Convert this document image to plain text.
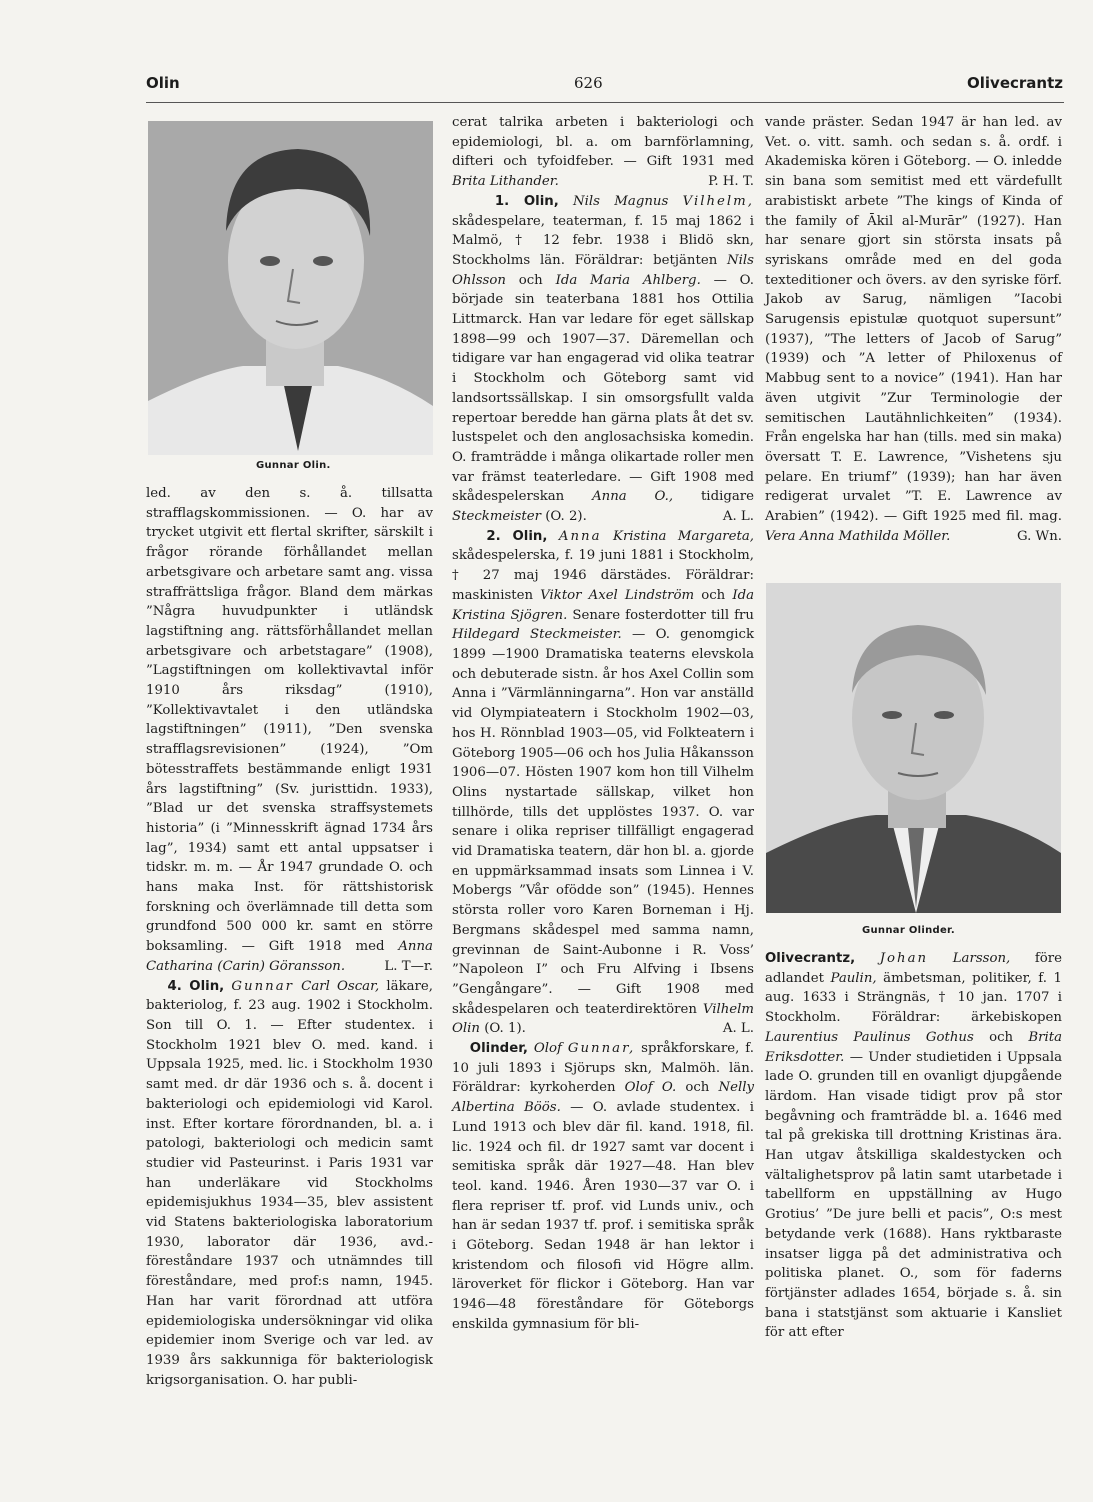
Olin	626	Olivecrantz
Gunnar Olin.
Gunnar Olinder.

led. av den s. å. tillsatta strafflagskommissionen. — O. har av trycket utgivit ett flertal skrifter, särskilt i frågor rörande förhållandet mellan arbetsgivare och arbetare samt ang. vissa straffrättsliga frågor. Bland dem märkas ”Några huvudpunkter i utländsk lagstiftning ang. rättsförhållandet mellan arbetsgivare och arbetstagare” (1908), ”Lagstiftningen om kollektivavtal inför 1910 års riksdag” (1910), ”Kollektivavtalet i den utländska lagstiftningen” (1911), ”Den svenska strafflagsrevisionen” (1924), ”Om bötesstraffets bestämmande enligt 1931 års lagstiftning” (Sv. juristtidn. 1933), ”Blad ur det svenska straffsystemets historia” (i ”Minnesskrift ägnad 1734 års lag”, 1934) samt ett antal uppsatser i tidskr. m. m. — År 1947 grundade O. och hans maka Inst. för rättshistorisk forskning och överlämnade till detta som grundfond 500 000 kr. samt en större boksamling. — Gift 1918 med Anna Catharina (Carin) Göransson.	L. T—r.

4. Olin, Gunnar Carl Oscar, läkare, bakteriolog, f. 23 aug. 1902 i Stockholm. Son till O. 1. — Efter studentex. i Stockholm 1921 blev O. med. kand. i Uppsala 1925, med. lic. i Stockholm 1930 samt med. dr där 1936 och s. å. docent i bakteriologi och epidemiologi vid Karol. inst. Efter kortare förordnanden, bl. a. i patologi, bakteriologi och medicin samt studier vid Pasteurinst. i Paris 1931 var han underläkare vid Stockholms epidemisjukhus 1934—35, blev assistent vid Statens bakteriologiska laboratorium 1930, laborator där 1936, avd.-föreståndare 1937 och utnämndes till föreståndare, med prof:s namn, 1945. Han har varit förordnad att utföra epidemiologiska undersökningar vid olika epidemier inom Sverige och var led. av 1939 års sakkunniga för bakteriologisk krigsorganisation. O. har publi-

cerat talrika arbeten i bakteriologi och epidemiologi, bl. a. om barnförlamning, difteri och tyfoidfeber. — Gift 1931 med Brita Lithander.	P. H. T.

1. Olin, Nils Magnus Vilhelm, skådespelare, teaterman, f. 15 maj 1862 i Malmö, † 12 febr. 1938 i Blidö skn, Stockholms län. Föräldrar: betjänten Nils Ohlsson och Ida Maria Ahlberg. — O. började sin teaterbana 1881 hos Ottilia Littmarck. Han var ledare för eget sällskap 1898—99 och 1907—37. Däremellan och tidigare var han engagerad vid olika teatrar i Stockholm och Göteborg samt vid landsortssällskap. I sin omsorgsfullt valda repertoar beredde han gärna plats åt det sv. lustspelet och den anglosachsiska komedin. O. framträdde i många olikartade roller men var främst teaterledare. — Gift 1908 med skådespelerskan Anna O., tidigare Steckmeister (O. 2).	A. L.

2. Olin, Anna Kristina Margareta, skådespelerska, f. 19 juni 1881 i Stockholm, † 27 maj 1946 därstädes. Föräldrar: maskinisten Viktor Axel Lindström och Ida Kristina Sjögren. Senare fosterdotter till fru Hildegard Steckmeister. — O. genomgick 1899 —1900 Dramatiska teaterns elevskola och debuterade sistn. år hos Axel Collin som Anna i ”Värmlänningarna”. Hon var anställd vid Olympiateatern i Stockholm 1902—03, hos H. Rönnblad 1903—05, vid Folkteatern i Göteborg 1905—06 och hos Julia Håkansson 1906—07. Hösten 1907 kom hon till Vilhelm Olins nystartade sällskap, vilket hon tillhörde, tills det upplöstes 1937. O. var senare i olika repriser tillfälligt engagerad vid Dramatiska teatern, där hon bl. a. gjorde en uppmärksammad insats som Linnea i V. Mobergs ”Vår ofödde son” (1945). Hennes största roller voro Karen Borneman i Hj. Bergmans skådespel med samma namn, grevinnan de Saint-Aubonne i R. Voss’ ”Napoleon I” och Fru Alfving i Ibsens ”Gengångare”. — Gift 1908 med skådespelaren och teaterdirektören Vilhelm Olin (O. 1).	A. L.

Olinder, Olof Gunnar, språkforskare, f. 10 juli 1893 i Sjörups skn, Malmöh. län. Föräldrar: kyrkoherden Olof O. och Nelly Albertina Böös. — O. avlade studentex. i Lund 1913 och blev där fil. kand. 1918, fil. lic. 1924 och fil. dr 1927 samt var docent i semitiska språk där 1927—48. Han blev teol. kand. 1946. Åren 1930—37 var O. i flera repriser tf. prof. vid Lunds univ., och han är sedan 1937 tf. prof. i semitiska språk i Göteborg. Sedan 1948 är han lektor i kristendom och filosofi vid Högre allm. läroverket för flickor i Göteborg. Han var 1946—48 föreståndare för Göteborgs enskilda gymnasium för bli-

vande präster. Sedan 1947 är han led. av Vet. o. vitt. samh. och sedan s. å. ordf. i Akademiska kören i Göteborg. — O. inledde sin bana som semitist med ett värdefullt arabistiskt arbete ”The kings of Kinda of the family of Ākil al-Murār” (1927). Han har senare gjort sin största insats på syriskans område med en del goda texteditioner och övers. av den syriske förf. Jakob av Sarug, nämligen ”Iacobi Sarugensis epistulæ quotquot supersunt” (1937), ”The letters of Jacob of Sarug” (1939) och ”A letter of Philoxenus of Mabbug sent to a novice” (1941). Han har även utgivit ”Zur Terminologie der semitischen Lautähnlichkeiten” (1934). Från engelska har han (tills. med sin maka) översatt T. E. Lawrence, ”Vishetens sju pelare. En triumf” (1939); han har även redigerat urvalet ”T. E. Lawrence av Arabien” (1942). — Gift 1925 med fil. mag. Vera Anna Mathilda Möller.	G. Wn.

Olivecrantz, Johan Larsson, före adlandet Paulin, ämbetsman, politiker, f. 1 aug. 1633 i Strängnäs, † 10 jan. 1707 i Stockholm. Föräldrar: ärkebiskopen Laurentius Paulinus Gothus och Brita Eriksdotter. — Under studietiden i Uppsala lade O. grunden till en ovanligt djupgående lärdom. Han visade tidigt prov på stor begåvning och framträdde bl. a. 1646 med tal på grekiska till drottning Kristinas ära. Han utgav åtskilliga skaldestycken och vältalighetsprov på latin samt utarbetade i tabellform en uppställning av Hugo Grotius’ ”De jure belli et pacis”, O:s mest betydande verk (1688). Hans ryktbaraste insatser ligga på det administrativa och politiska planet. O., som för faderns förtjänster adlades 1654, började s. å. sin bana i statstjänst som aktuarie i Kansliet för att efter
